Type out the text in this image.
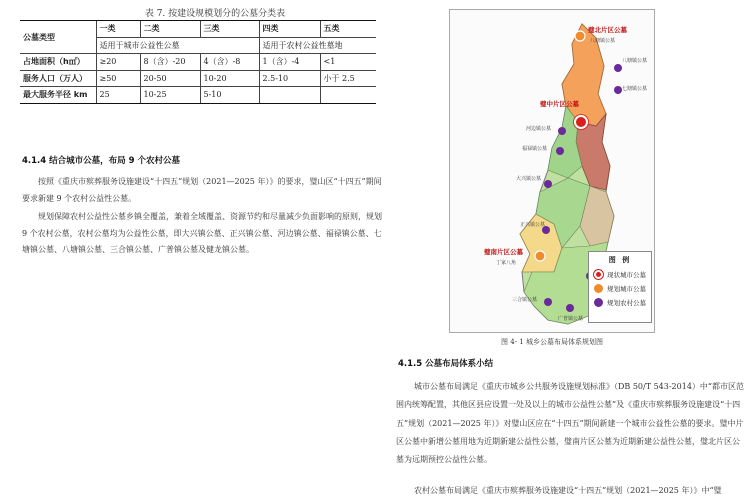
表 7. 按建设规模划分的公墓分类表
公墓类型	一类	二类	三类	四类	五类
	适用于城市公益性公墓			适用于农村公益性墓地	
占地面积（h㎡）	≥20	8（含）-20	4（含）-8	1（含）-4	<1
服务人口（万人）	≥50	20-50	10-20	2.5-10	小于 2.5
最大服务半径 km	25	10-25	5-10		
4.1.4 结合城市公墓，布局 9 个农村公墓
按照《重庆市殡葬服务设施建设“十四五”规划（2021—2025 年）》的要求，璧山区“十四五”期间要求新建 9 个农村公益性公墓。
规划保障农村公益性公墓乡镇全覆盖，兼着全域覆盖、资源节约和尽量减少负面影响的原则，规划 9 个农村公墓，农村公墓均为公益性公墓，即大兴镇公墓、正兴镇公墓、河边镇公墓、福禄镇公墓、七塘镇公墓、八塘镇公墓、三合镇公墓、广普镇公墓及健龙镇公墓。
璧北片区公墓
八塘镇公墓
八塘镇公墓
七塘镇公墓
璧中片区公墓
河边镇公墓
福禄镇公墓
大兴镇公墓
正兴镇公墓
璧南片区公墓
丁家八角
三合镇公墓
广普镇公墓
图 例
现状城市公墓
规划城市公墓
规划农村公墓
图 4- 1 城乡公墓布局体系规划图
4.1.5 公墓布局体系小结
城市公墓布局满足《重庆市城乡公共服务设施规划标准》（DB 50/T 543-2014）中“都市区范围内统筹配置，其他区县应设置一处及以上的城市公益性公墓”及《重庆市殡葬服务设施建设“十四五”规划（2021—2025 年）》对璧山区应在“十四五”期间新建一个城市公益性公墓的要求。璧中片区公墓中新增公墓用地为近期新建公益性公墓，璧南片区公墓为近期新建公益性公墓，璧北片区公墓为远期预控公益性公墓。
农村公墓布局满足《重庆市殡葬服务设施建设“十四五”规划（2021—2025 年）》中“璧
